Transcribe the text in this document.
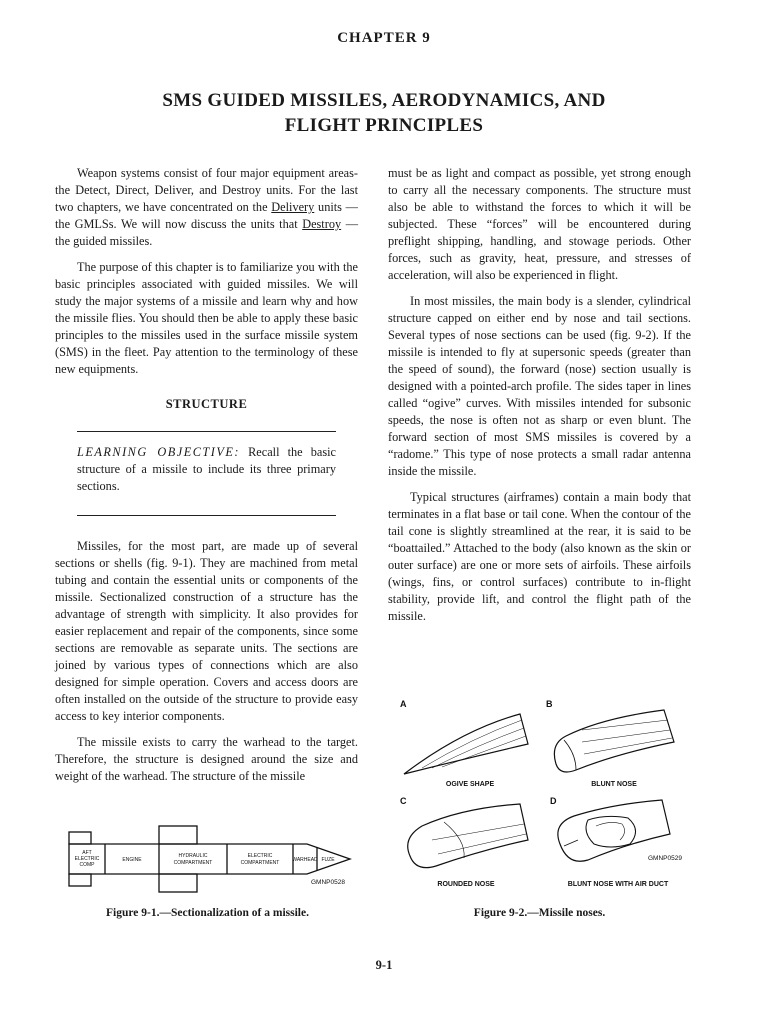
CHAPTER 9
SMS GUIDED MISSILES, AERODYNAMICS, AND
FLIGHT PRINCIPLES

Weapon systems consist of four major equipment areas-the Detect, Direct, Deliver, and Destroy units. For the last two chapters, we have concentrated on the Delivery units —the GMLSs. We will now discuss the units that Destroy —the guided missiles.

The purpose of this chapter is to familiarize you with the basic principles associated with guided missiles. We will study the major systems of a missile and learn why and how the missile flies. You should then be able to apply these basic principles to the missiles used in the surface missile system (SMS) in the fleet. Pay attention to the terminology of these new equipments.

STRUCTURE
LEARNING OBJECTIVE: Recall the basic structure of a missile to include its three primary sections.

Missiles, for the most part, are made up of several sections or shells (fig. 9-1). They are machined from metal tubing and contain the essential units or components of the missile. Sectionalized construction of a structure has the advantage of strength with simplicity. It also provides for easier replacement and repair of the components, since some sections are removable as separate units. The sections are joined by various types of connections which are also designed for simple operation. Covers and access doors are often installed on the outside of the structure to provide easy access to key interior components.

The missile exists to carry the warhead to the target. Therefore, the structure is designed around the size and weight of the warhead. The structure of the missile

must be as light and compact as possible, yet strong enough to carry all the necessary components. The structure must also be able to withstand the forces to which it will be subjected. These “forces” will be encountered during preflight shipping, handling, and stowage periods. Other forces, such as gravity, heat, pressure, and stresses of acceleration, will also be experienced in flight.

In most missiles, the main body is a slender, cylindrical structure capped on either end by nose and tail sections. Several types of nose sections can be used (fig. 9-2). If the missile is intended to fly at supersonic speeds (greater than the speed of sound), the forward (nose) section usually is designed with a pointed-arch profile. The sides taper in lines called “ogive” curves. With missiles intended for subsonic speeds, the nose is often not as sharp or even blunt. The forward section of most SMS missiles is covered by a “radome.” This type of nose protects a small radar antenna inside the missile.

Typical structures (airframes) contain a main body that terminates in a flat base or tail cone. When the contour of the tail cone is slightly streamlined at the rear, it is said to be “boattailed.” Attached to the body (also known as the skin or outer surface) are one or more sets of airfoils. These airfoils (wings, fins, or control surfaces) contribute to in-flight stability, provide lift, and control the flight path of the missile.

AFT
ELECTRIC
COMP
ENGINE
HYDRAULIC
COMPARTMENT
ELECTRIC
COMPARTMENT	WARHEAD FUZE
GMNP0528
Figure 9-1.—Sectionalization of a missile.
A	B
C	D
OGIVE SHAPE	BLUNT NOSE
ROUNDED NOSE	BLUNT NOSE WITH AIR DUCT
GMNP0529
Figure 9-2.—Missile noses.
9-1
